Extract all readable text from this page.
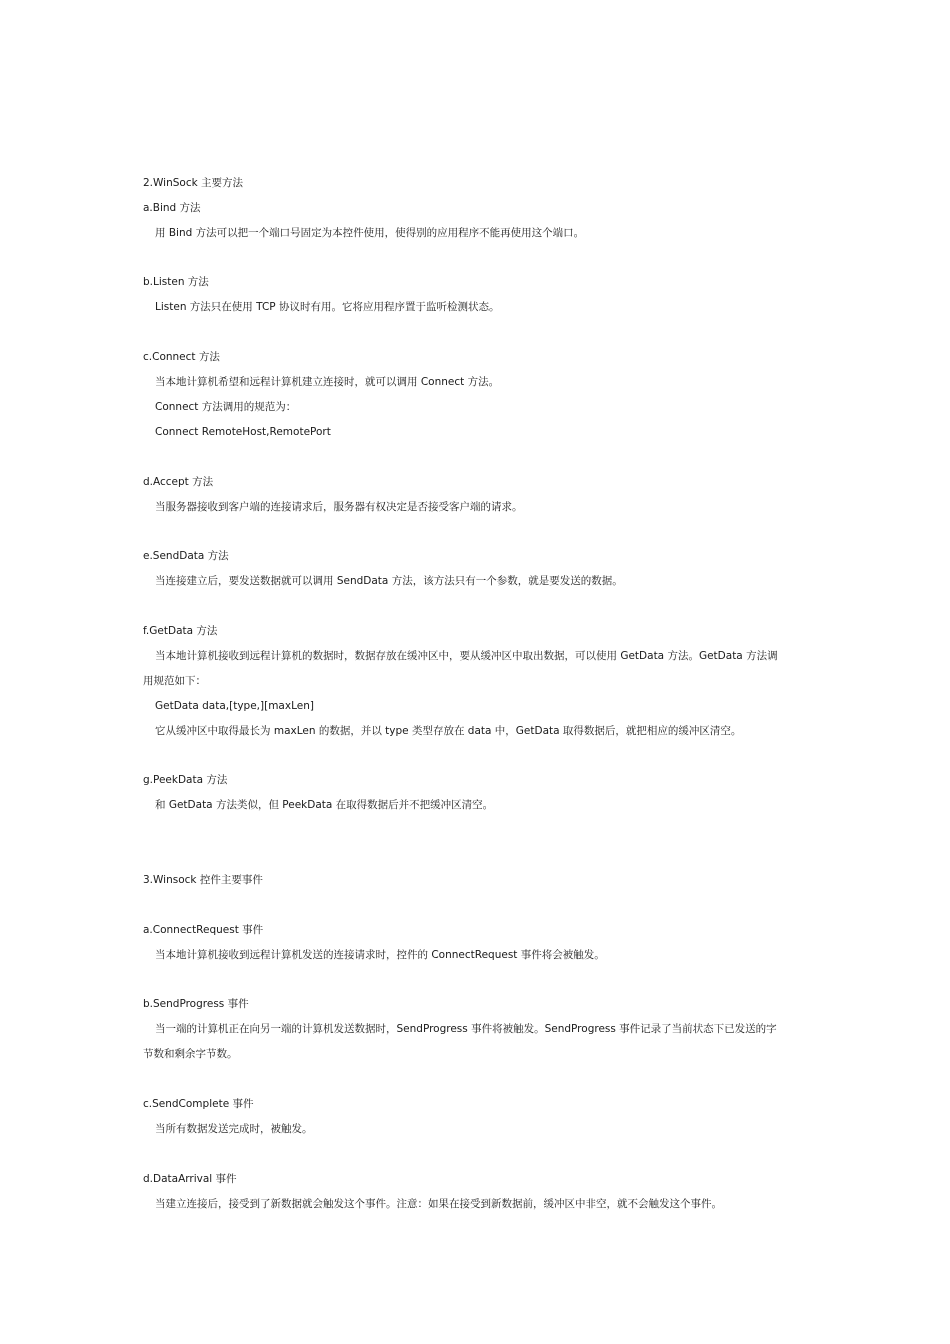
2.WinSock 主要方法
a.Bind 方法
用 Bind 方法可以把一个端口号固定为本控件使用，使得别的应用程序不能再使用这个端口。
b.Listen 方法
Listen 方法只在使用 TCP 协议时有用。它将应用程序置于监听检测状态。
c.Connect 方法
当本地计算机希望和远程计算机建立连接时，就可以调用 Connect 方法。
Connect 方法调用的规范为：
Connect RemoteHost,RemotePort
d.Accept 方法
当服务器接收到客户端的连接请求后，服务器有权决定是否接受客户端的请求。
e.SendData 方法
当连接建立后，要发送数据就可以调用 SendData 方法，该方法只有一个参数，就是要发送的数据。
f.GetData 方法
当本地计算机接收到远程计算机的数据时，数据存放在缓冲区中，要从缓冲区中取出数据，可以使用 GetData 方法。GetData 方法调
用规范如下：
GetData data,[type,][maxLen]
它从缓冲区中取得最长为 maxLen 的数据，并以 type 类型存放在 data 中，GetData 取得数据后，就把相应的缓冲区清空。
g.PeekData 方法
和 GetData 方法类似，但 PeekData 在取得数据后并不把缓冲区清空。
3.Winsock 控件主要事件
a.ConnectRequest 事件
当本地计算机接收到远程计算机发送的连接请求时，控件的 ConnectRequest 事件将会被触发。
b.SendProgress 事件
当一端的计算机正在向另一端的计算机发送数据时，SendProgress 事件将被触发。SendProgress 事件记录了当前状态下已发送的字
节数和剩余字节数。
c.SendComplete 事件
当所有数据发送完成时，被触发。
d.DataArrival 事件
当建立连接后，接受到了新数据就会触发这个事件。注意：如果在接受到新数据前，缓冲区中非空，就不会触发这个事件。
